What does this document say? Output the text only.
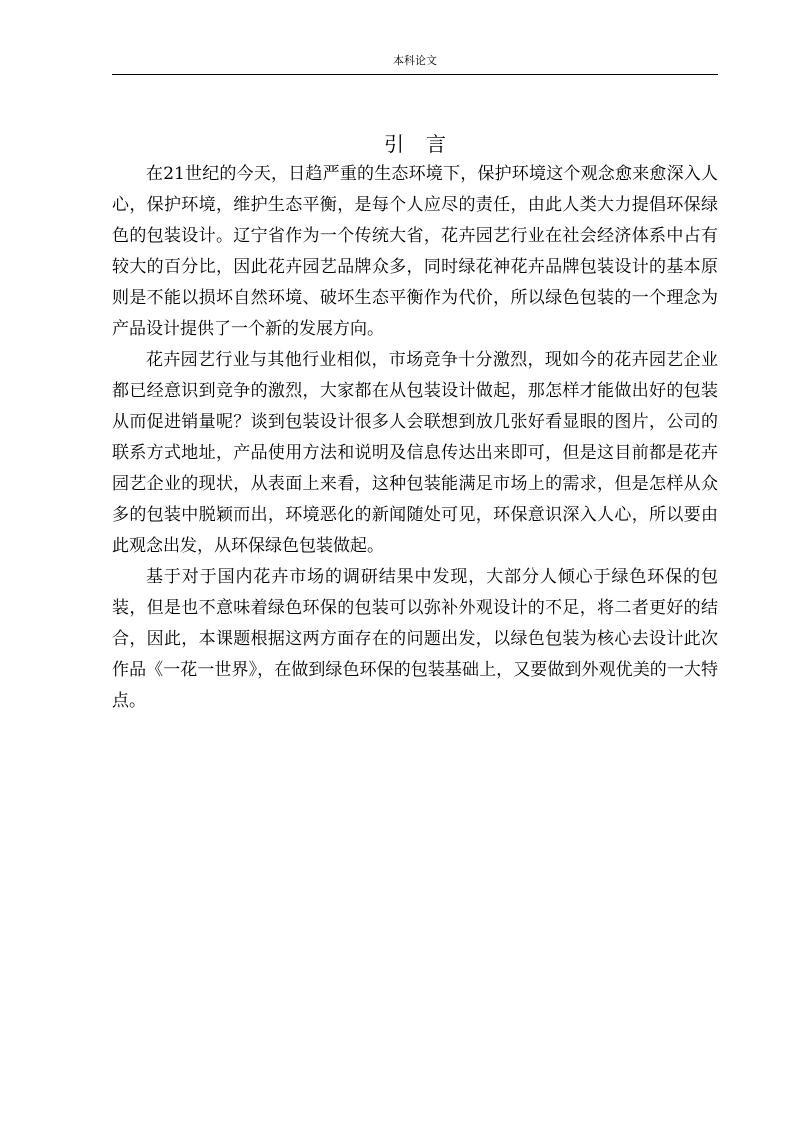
本科论文
引言

在21世纪的今天，日趋严重的生态环境下，保护环境这个观念愈来愈深入人心，保护环境，维护生态平衡，是每个人应尽的责任，由此人类大力提倡环保绿色的包装设计。辽宁省作为一个传统大省，花卉园艺行业在社会经济体系中占有较大的百分比，因此花卉园艺品牌众多，同时绿花神花卉品牌包装设计的基本原则是不能以损坏自然环境、破坏生态平衡作为代价，所以绿色包装的一个理念为产品设计提供了一个新的发展方向。

花卉园艺行业与其他行业相似，市场竞争十分激烈，现如今的花卉园艺企业都已经意识到竞争的激烈，大家都在从包装设计做起，那怎样才能做出好的包装从而促进销量呢？谈到包装设计很多人会联想到放几张好看显眼的图片，公司的联系方式地址，产品使用方法和说明及信息传达出来即可，但是这目前都是花卉园艺企业的现状，从表面上来看，这种包装能满足市场上的需求，但是怎样从众多的包装中脱颖而出，环境恶化的新闻随处可见，环保意识深入人心，所以要由此观念出发，从环保绿色包装做起。

基于对于国内花卉市场的调研结果中发现，大部分人倾心于绿色环保的包装，但是也不意味着绿色环保的包装可以弥补外观设计的不足，将二者更好的结合，因此，本课题根据这两方面存在的问题出发，以绿色包装为核心去设计此次作品《一花一世界》，在做到绿色环保的包装基础上，又要做到外观优美的一大特点。
